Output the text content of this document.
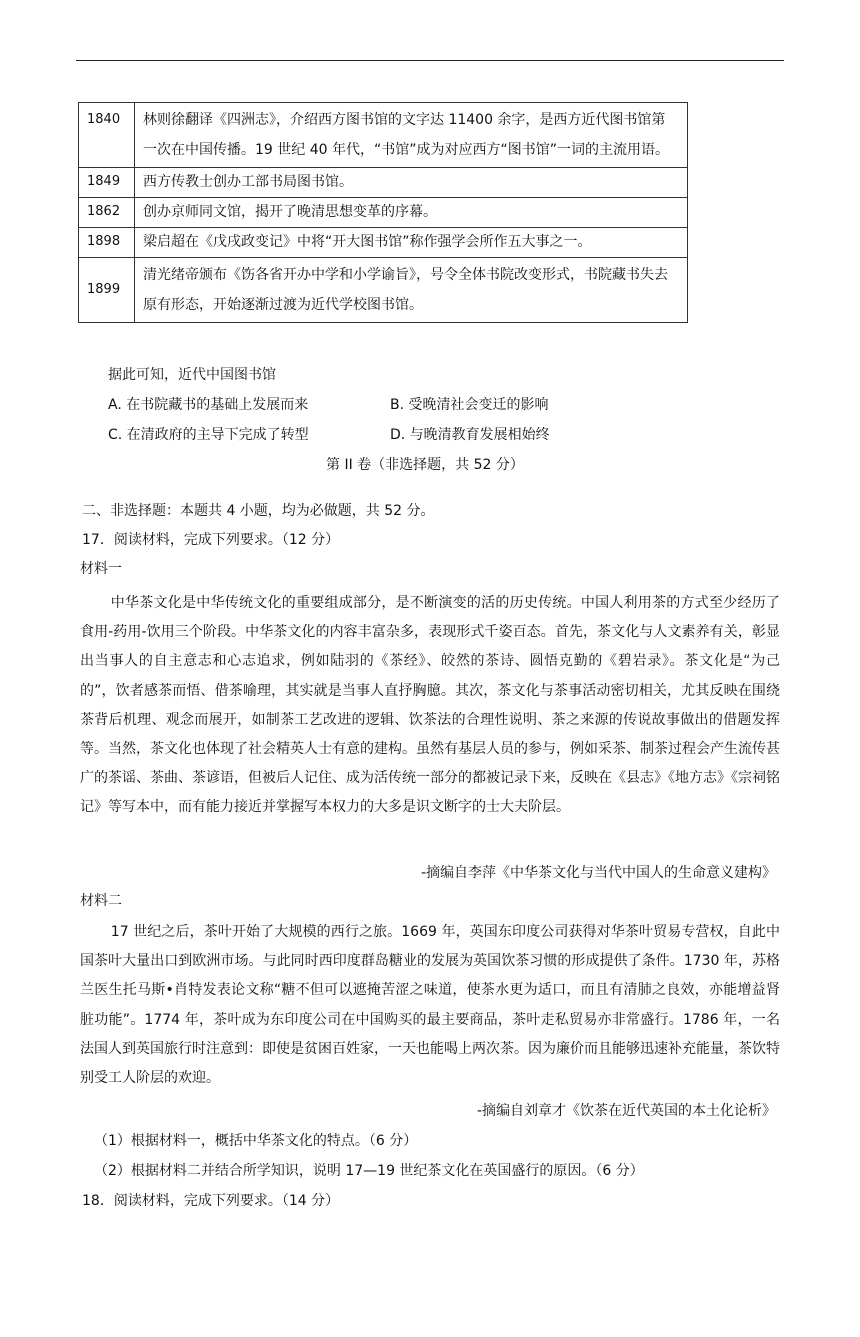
1840	林则徐翻译《四洲志》，介绍西方图书馆的文字达 11400 余字，是西方近代图书馆第一次在中国传播。19 世纪 40 年代，“书馆”成为对应西方“图书馆”一词的主流用语。
1849	西方传教士创办工部书局图书馆。
1862	创办京师同文馆，揭开了晚清思想变革的序幕。
1898	梁启超在《戊戌政变记》中将“开大图书馆”称作强学会所作五大事之一。
1899	清光绪帝颁布《饬各省开办中学和小学谕旨》，号令全体书院改变形式，书院藏书失去原有形态，开始逐渐过渡为近代学校图书馆。
据此可知，近代中国图书馆
A. 在书院藏书的基础上发展而来	B. 受晚清社会变迁的影响
C. 在清政府的主导下完成了转型	D. 与晚清教育发展相始终
第 II 卷（非选择题，共 52 分）
二、非选择题：本题共 4 小题，均为必做题，共 52 分。
17．阅读材料，完成下列要求。（12 分）
材料一

中华茶文化是中华传统文化的重要组成部分，是不断演变的活的历史传统。中国人利用茶的方式至少经历了食用-药用-饮用三个阶段。中华茶文化的内容丰富杂多，表现形式千姿百态。首先，茶文化与人文素养有关，彰显出当事人的自主意志和心志追求，例如陆羽的《茶经》、皎然的茶诗、圆悟克勤的《碧岩录》。茶文化是“为己的”，饮者感茶而悟、借茶喻理，其实就是当事人直抒胸臆。其次，茶文化与茶事活动密切相关，尤其反映在围绕茶背后机理、观念而展开，如制茶工艺改进的逻辑、饮茶法的合理性说明、茶之来源的传说故事做出的借题发挥等。当然，茶文化也体现了社会精英人士有意的建构。虽然有基层人员的参与，例如采茶、制茶过程会产生流传甚广的茶谣、茶曲、茶谚语，但被后人记住、成为活传统一部分的都被记录下来，反映在《县志》《地方志》《宗祠铭记》等写本中，而有能力接近并掌握写本权力的大多是识文断字的士大夫阶层。

-摘编自李萍《中华茶文化与当代中国人的生命意义建构》
材料二

17 世纪之后，茶叶开始了大规模的西行之旅。1669 年，英国东印度公司获得对华茶叶贸易专营权，自此中国茶叶大量出口到欧洲市场。与此同时西印度群岛糖业的发展为英国饮茶习惯的形成提供了条件。1730 年，苏格兰医生托马斯•肖特发表论文称“糖不但可以遮掩苦涩之味道，使茶水更为适口，而且有清肺之良效，亦能增益肾脏功能”。1774 年，茶叶成为东印度公司在中国购买的最主要商品，茶叶走私贸易亦非常盛行。1786 年，一名法国人到英国旅行时注意到：即使是贫困百姓家，一天也能喝上两次茶。因为廉价而且能够迅速补充能量，茶饮特别受工人阶层的欢迎。

-摘编自刘章才《饮茶在近代英国的本土化论析》
（1）根据材料一，概括中华茶文化的特点。（6 分）
（2）根据材料二并结合所学知识，说明 17—19 世纪茶文化在英国盛行的原因。（6 分）
18．阅读材料，完成下列要求。（14 分）
